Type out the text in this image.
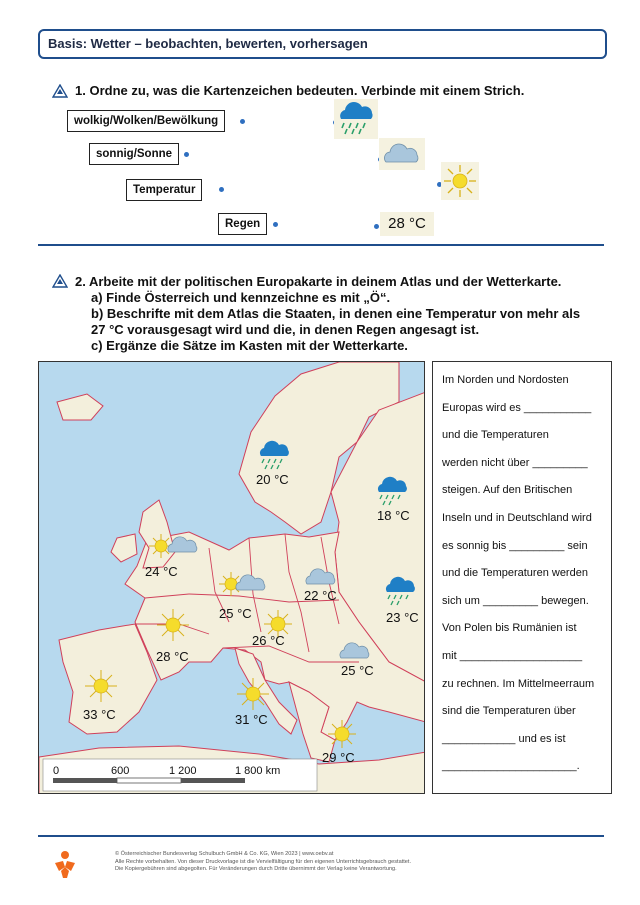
Basis: Wetter – beobachten, bewerten, vorhersagen
1. Ordne zu, was die Kartenzeichen bedeuten. Verbinde mit einem Strich.
wolkig/Wolken/Bewölkung
sonnig/Sonne
Temperatur
Regen	28 °C
2. Arbeite mit der politischen Europakarte in deinem Atlas und der Wetterkarte.
a) Finde Österreich und kennzeichne es mit „Ö“.
b) Beschrifte mit dem Atlas die Staaten, in denen eine Temperatur von mehr als
27 °C vorausgesagt wird und die, in denen Regen angesagt ist.
c) Ergänze die Sätze im Kasten mit der Wetterkarte.
20 °C
18 °C
24 °C
25 °C
22 °C
23 °C
28 °C
26 °C
25 °C
33 °C	31 °C
29 °C
0	600	1 200	1 800 km
Im Norden und Nordosten
Europas wird es ___________
und die Temperaturen
werden nicht über _________
steigen. Auf den Britischen
Inseln und in Deutschland wird
es sonnig bis _________ sein
und die Temperaturen werden
sich um _________ bewegen.
Von Polen bis Rumänien ist
mit ____________________
zu rechnen. Im Mittelmeerraum
sind die Temperaturen über
____________ und es ist
______________________.
© Österreichischer Bundesverlag Schulbuch GmbH & Co. KG, Wien 2023 | www.oebv.at
Alle Rechte vorbehalten. Von dieser Druckvorlage ist die Vervielfältigung für den eigenen Unterrichtsgebrauch gestattet.
Die Kopiergebühren sind abgegolten. Für Veränderungen durch Dritte übernimmt der Verlag keine Verantwortung.
